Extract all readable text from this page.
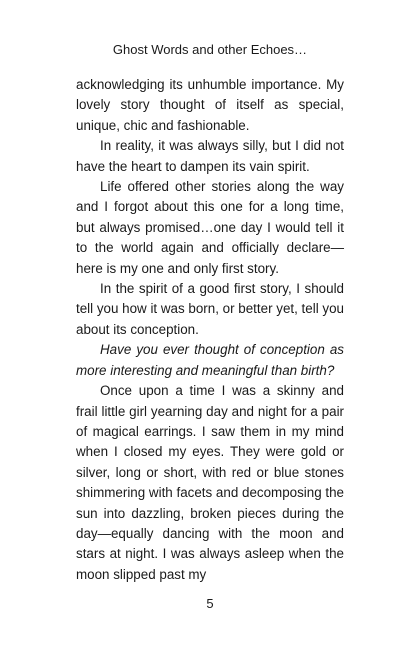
Ghost Words and other Echoes…

acknowledging its unhumble importance. My lovely story thought of itself as special, unique, chic and fashionable.

In reality, it was always silly, but I did not have the heart to dampen its vain spirit.

Life offered other stories along the way and I forgot about this one for a long time, but always promised…one day I would tell it to the world again and officially declare—here is my one and only first story.

In the spirit of a good first story, I should tell you how it was born, or better yet, tell you about its conception.

Have you ever thought of conception as more interesting and meaningful than birth?

Once upon a time I was a skinny and frail little girl yearning day and night for a pair of magical earrings. I saw them in my mind when I closed my eyes. They were gold or silver, long or short, with red or blue stones shimmering with facets and decomposing the sun into dazzling, broken pieces during the day—equally dancing with the moon and stars at night. I was always asleep when the moon slipped past my

5
